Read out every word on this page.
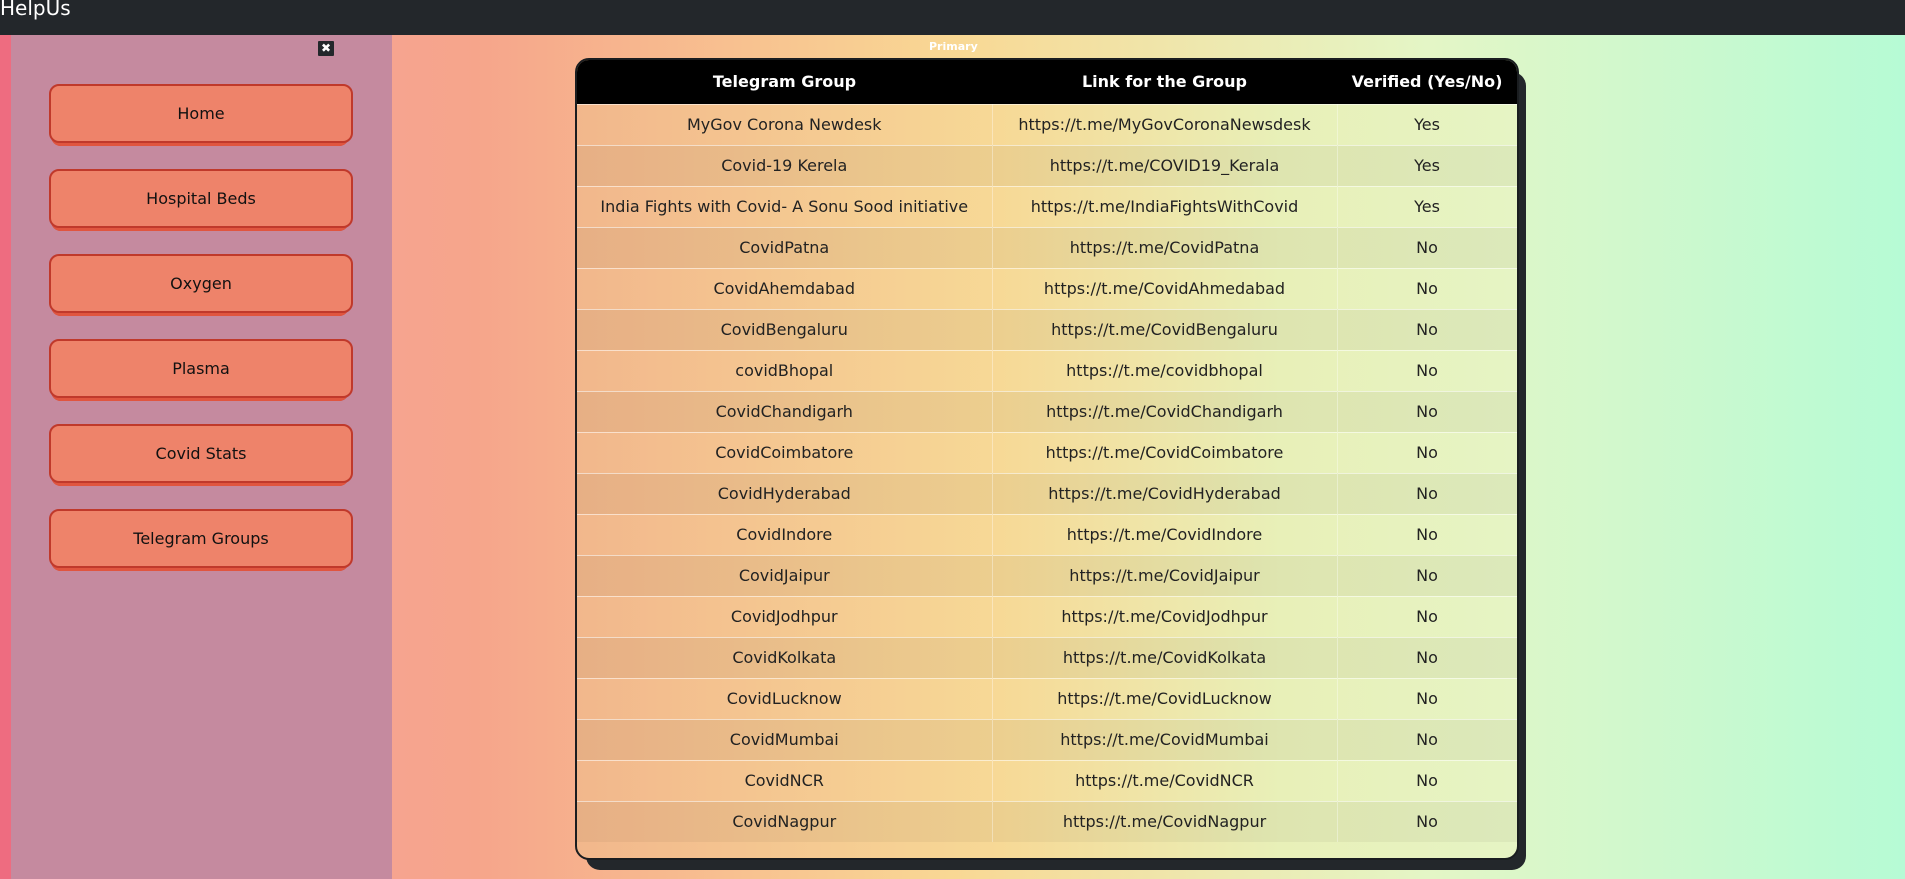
HelpUs
✖
Home
Hospital Beds
Oxygen
Plasma
Covid Stats
Telegram Groups
Primary
Telegram Group	Link for the Group	Verified (Yes/No)
MyGov Corona Newdesk	https://t.me/MyGovCoronaNewsdesk	Yes
Covid-19 Kerela	https://t.me/COVID19_Kerala	Yes
India Fights with Covid- A Sonu Sood initiative	https://t.me/IndiaFightsWithCovid	Yes
CovidPatna	https://t.me/CovidPatna	No
CovidAhemdabad	https://t.me/CovidAhmedabad	No
CovidBengaluru	https://t.me/CovidBengaluru	No
covidBhopal	https://t.me/covidbhopal	No
CovidChandigarh	https://t.me/CovidChandigarh	No
CovidCoimbatore	https://t.me/CovidCoimbatore	No
CovidHyderabad	https://t.me/CovidHyderabad	No
CovidIndore	https://t.me/CovidIndore	No
CovidJaipur	https://t.me/CovidJaipur	No
CovidJodhpur	https://t.me/CovidJodhpur	No
CovidKolkata	https://t.me/CovidKolkata	No
CovidLucknow	https://t.me/CovidLucknow	No
CovidMumbai	https://t.me/CovidMumbai	No
CovidNCR	https://t.me/CovidNCR	No
CovidNagpur	https://t.me/CovidNagpur	No
